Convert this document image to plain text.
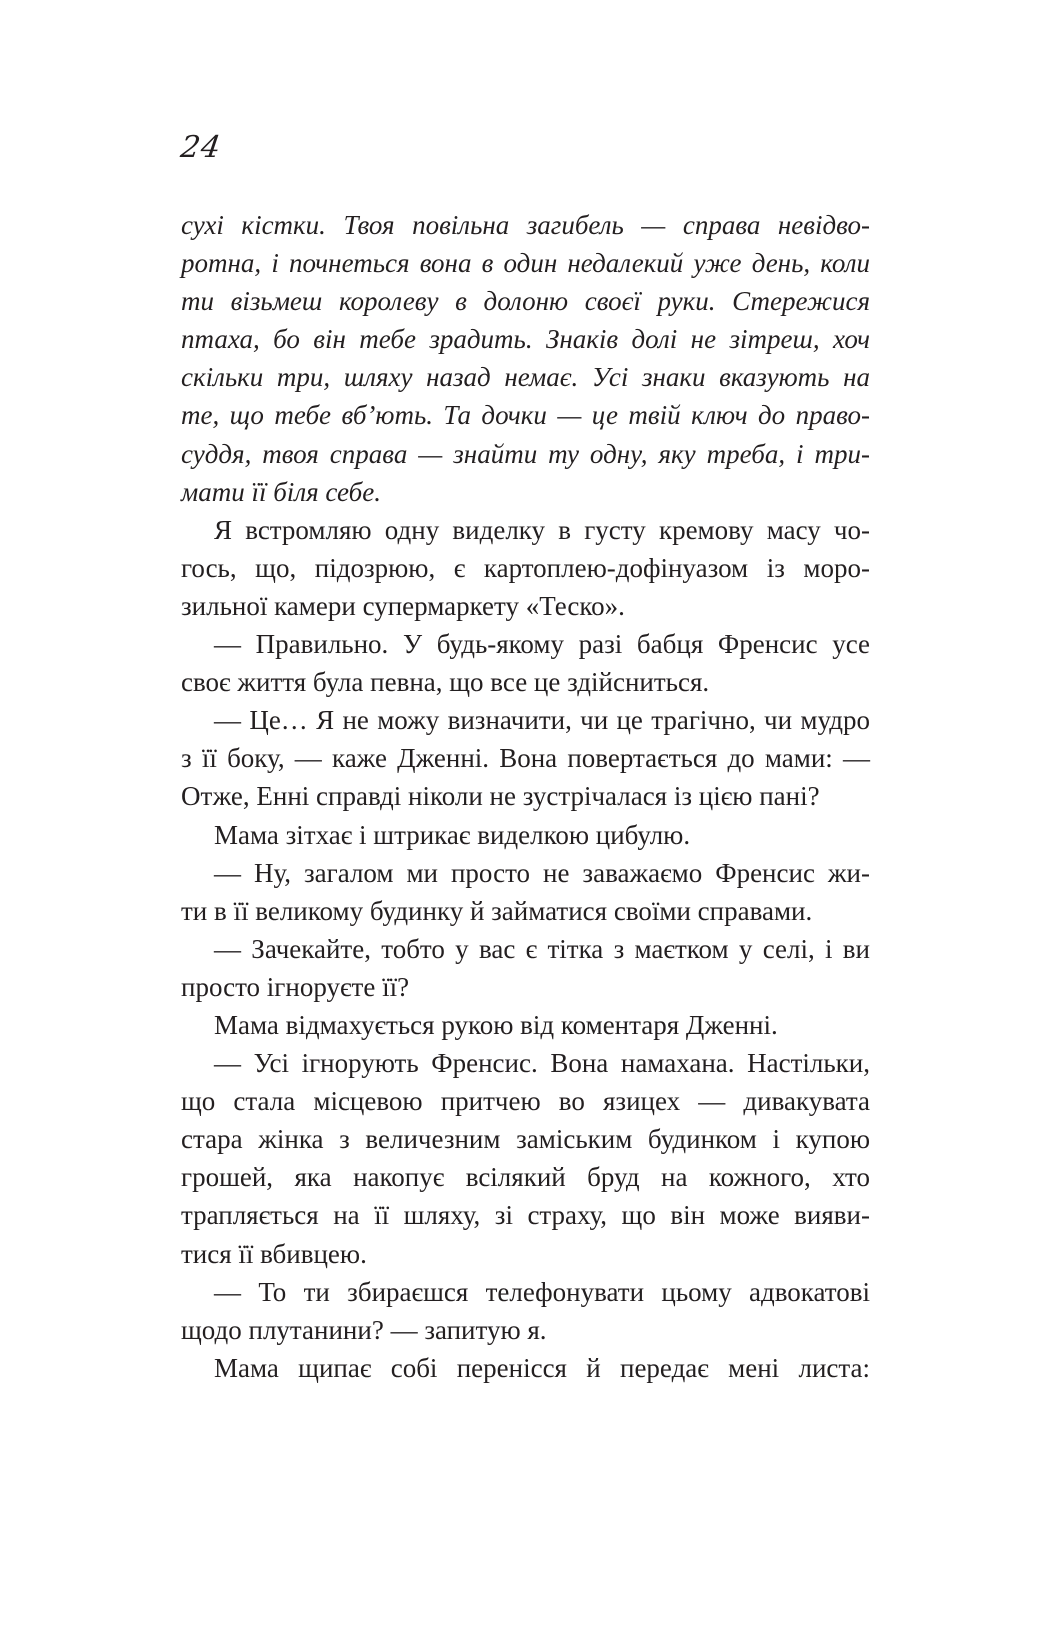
24
сухі кістки. Твоя повільна загибель — справа невідво-
ротна, і почнеться вона в один недалекий уже день, коли
ти візьмеш королеву в долоню своєї руки. Стережися
птаха, бо він тебе зрадить. Знаків долі не зітреш, хоч
скільки три, шляху назад немає. Усі знаки вказують на
те, що тебе вб’ють. Та дочки — це твій ключ до право-
суддя, твоя справа — знайти ту одну, яку треба, і три-
мати її біля себе.
Я встромляю одну виделку в густу кремову масу чо-
гось, що, підозрюю, є картоплею-дофінуазом із моро-
зильної камери супермаркету «Теско».
— Правильно. У будь-якому разі бабця Френсис усе
своє життя була певна, що все це здійсниться.
— Це… Я не можу визначити, чи це трагічно, чи мудро
з її боку, — каже Дженні. Вона повертається до мами: —
Отже, Енні справді ніколи не зустрічалася із цією пані?
Мама зітхає і штрикає виделкою цибулю.
— Ну, загалом ми просто не заважаємо Френсис жи-
ти в її великому будинку й займатися своїми справами.
— Зачекайте, тобто у вас є тітка з маєтком у селі, і ви
просто ігноруєте її?
Мама відмахується рукою від коментаря Дженні.
— Усі ігнорують Френсис. Вона намахана. Настільки,
що стала місцевою притчею во язицех — дивакувата
стара жінка з величезним заміським будинком і купою
грошей, яка накопує всілякий бруд на кожного, хто
трапляється на її шляху, зі страху, що він може вияви-
тися її вбивцею.
— То ти збираєшся телефонувати цьому адвокатові
щодо плутанини? — запитую я.
Мама щипає собі перенісся й передає мені листа:
